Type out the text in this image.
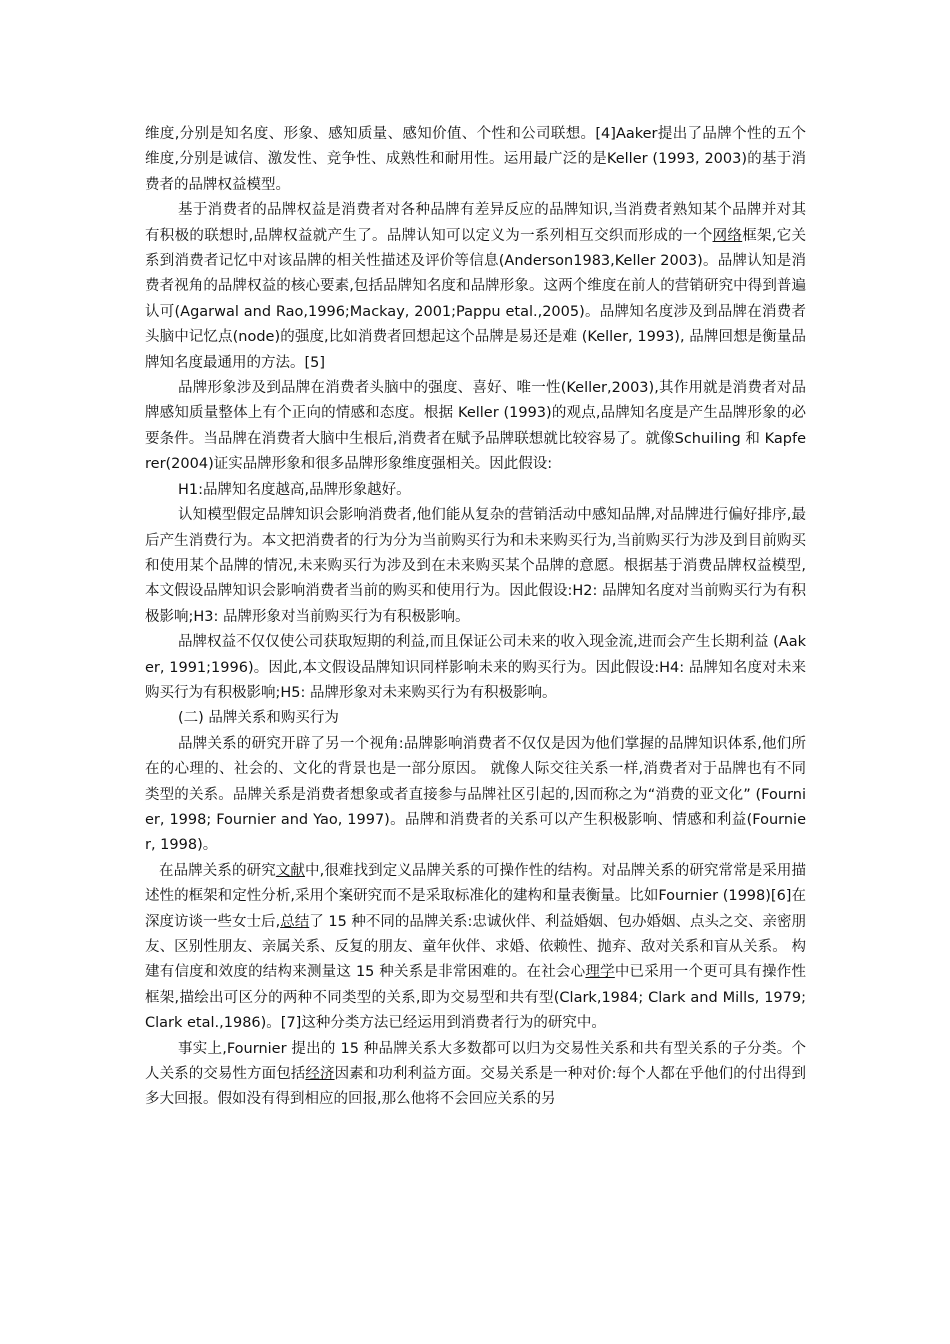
维度,分别是知名度、形象、感知质量、感知价值、个性和公司联想。[4]Aaker提出了品牌个性的五个维度,分别是诚信、激发性、竞争性、成熟性和耐用性。运用最广泛的是Keller (1993, 2003)的基于消费者的品牌权益模型。

基于消费者的品牌权益是消费者对各种品牌有差异反应的品牌知识,当消费者熟知某个品牌并对其有积极的联想时,品牌权益就产生了。品牌认知可以定义为一系列相互交织而形成的一个网络框架,它关系到消费者记忆中对该品牌的相关性描述及评价等信息(Anderson1983,Keller 2003)。品牌认知是消费者视角的品牌权益的核心要素,包括品牌知名度和品牌形象。这两个维度在前人的营销研究中得到普遍认可(Agarwal and Rao,1996;Mackay, 2001;Pappu etal.,2005)。品牌知名度涉及到品牌在消费者头脑中记忆点(node)的强度,比如消费者回想起这个品牌是易还是难 (Keller, 1993), 品牌回想是衡量品牌知名度最通用的方法。[5]

品牌形象涉及到品牌在消费者头脑中的强度、喜好、唯一性(Keller,2003),其作用就是消费者对品牌感知质量整体上有个正向的情感和态度。根据 Keller (1993)的观点,品牌知名度是产生品牌形象的必要条件。当品牌在消费者大脑中生根后,消费者在赋予品牌联想就比较容易了。就像Schuiling 和 Kapferer(2004)证实品牌形象和很多品牌形象维度强相关。因此假设:

H1:品牌知名度越高,品牌形象越好。

认知模型假定品牌知识会影响消费者,他们能从复杂的营销活动中感知品牌,对品牌进行偏好排序,最后产生消费行为。本文把消费者的行为分为当前购买行为和未来购买行为,当前购买行为涉及到目前购买和使用某个品牌的情况,未来购买行为涉及到在未来购买某个品牌的意愿。根据基于消费品牌权益模型,本文假设品牌知识会影响消费者当前的购买和使用行为。因此假设:H2: 品牌知名度对当前购买行为有积极影响;H3: 品牌形象对当前购买行为有积极影响。

品牌权益不仅仅使公司获取短期的利益,而且保证公司未来的收入现金流,进而会产生长期利益 (Aaker, 1991;1996)。因此,本文假设品牌知识同样影响未来的购买行为。因此假设:H4: 品牌知名度对未来购买行为有积极影响;H5: 品牌形象对未来购买行为有积极影响。

(二) 品牌关系和购买行为

品牌关系的研究开辟了另一个视角:品牌影响消费者不仅仅是因为他们掌握的品牌知识体系,他们所在的心理的、社会的、文化的背景也是一部分原因。 就像人际交往关系一样,消费者对于品牌也有不同类型的关系。品牌关系是消费者想象或者直接参与品牌社区引起的,因而称之为“消费的亚文化” (Fournier, 1998; Fournier and Yao, 1997)。品牌和消费者的关系可以产生积极影响、情感和利益(Fournier, 1998)。

在品牌关系的研究文献中,很难找到定义品牌关系的可操作性的结构。对品牌关系的研究常常是采用描述性的框架和定性分析,采用个案研究而不是采取标准化的建构和量表衡量。比如Fournier (1998)[6]在深度访谈一些女士后,总结了 15 种不同的品牌关系:忠诚伙伴、利益婚姻、包办婚姻、点头之交、亲密朋友、区别性朋友、亲属关系、反复的朋友、童年伙伴、求婚、依赖性、抛弃、敌对关系和盲从关系。 构建有信度和效度的结构来测量这 15 种关系是非常困难的。在社会心理学中已采用一个更可具有操作性框架,描绘出可区分的两种不同类型的关系,即为交易型和共有型(Clark,1984; Clark and Mills, 1979;Clark etal.,1986)。[7]这种分类方法已经运用到消费者行为的研究中。

事实上,Fournier 提出的 15 种品牌关系大多数都可以归为交易性关系和共有型关系的子分类。个人关系的交易性方面包括经济因素和功利利益方面。交易关系是一种对价:每个人都在乎他们的付出得到多大回报。假如没有得到相应的回报,那么他将不会回应关系的另
